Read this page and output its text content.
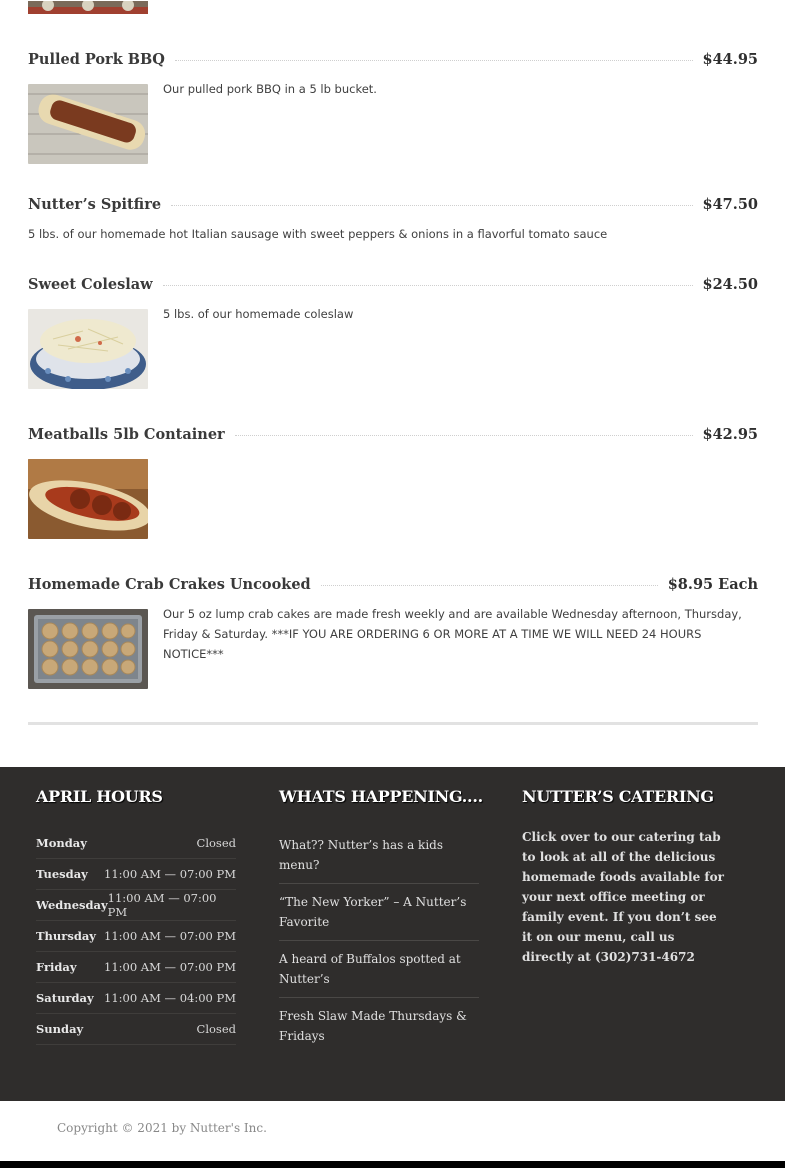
Pulled Pork BBQ	$44.95
Our pulled pork BBQ in a 5 lb bucket.
Nutter’s Spitfire	$47.50
5 lbs. of our homemade hot Italian sausage with sweet peppers & onions in a flavorful tomato sauce
Sweet Coleslaw	$24.50
5 lbs. of our homemade coleslaw
Meatballs 5lb Container	$42.95
Homemade Crab Crakes Uncooked	$8.95 Each
Our 5 oz lump crab cakes are made fresh weekly and are available Wednesday afternoon, Thursday, Friday & Saturday. ***IF YOU ARE ORDERING 6 OR MORE AT A TIME WE WILL NEED 24 HOURS NOTICE***
APRIL HOURS	WHATS HAPPENING.... NUTTER’S CATERING
Monday	Closed
Tuesday 11:00 AM — 07:00 PM
Wednesday 11:00 AM — 07:00 PM
Thursday 11:00 AM — 07:00 PM
Friday 11:00 AM — 07:00 PM
Saturday 11:00 AM — 04:00 PM
Sunday	Closed
What?? Nutter’s has a kids menu?
“The New Yorker” – A Nutter’s Favorite
A heard of Buffalos spotted at Nutter’s
Fresh Slaw Made Thursdays & Fridays
Click over to our catering tab to look at all of the delicious homemade foods available for your next office meeting or family event. If you don’t see it on our menu, call us directly at (302)731-4672
Copyright © 2021 by Nutter's Inc.
